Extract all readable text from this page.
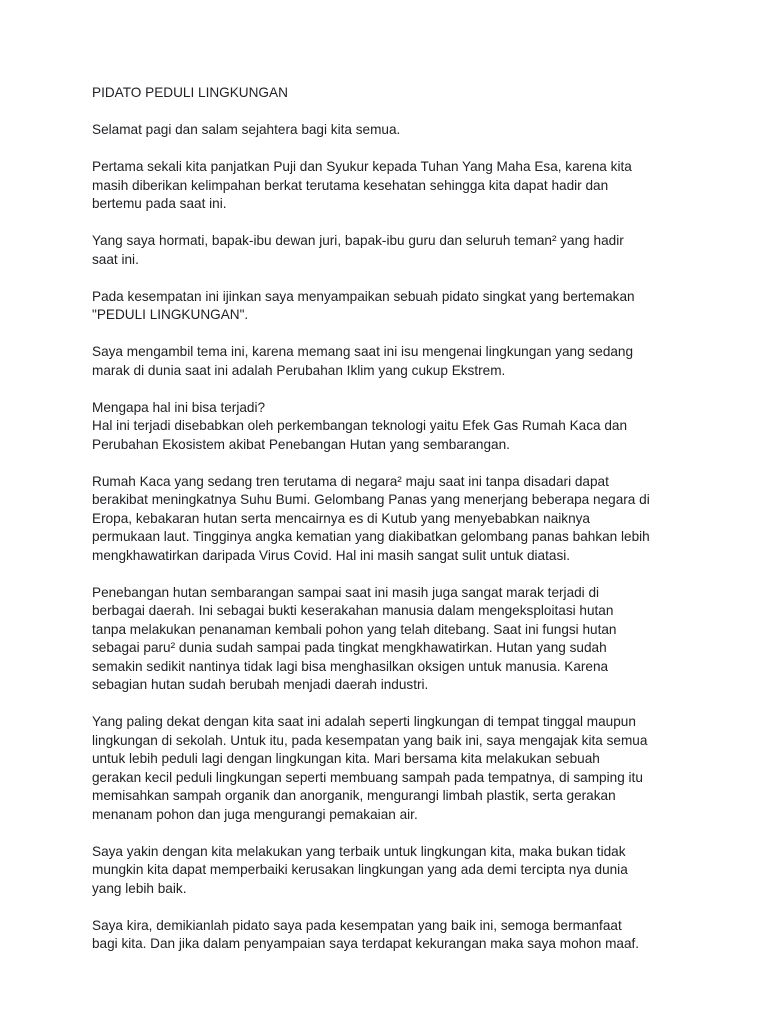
PIDATO PEDULI LINGKUNGAN
Selamat pagi dan salam sejahtera bagi kita semua.
Pertama sekali kita panjatkan Puji dan Syukur kepada Tuhan Yang Maha Esa, karena kita
masih diberikan kelimpahan berkat terutama kesehatan sehingga kita dapat hadir dan
bertemu pada saat ini.
Yang saya hormati, bapak-ibu dewan juri, bapak-ibu guru dan seluruh teman² yang hadir
saat ini.
Pada kesempatan ini ijinkan saya menyampaikan sebuah pidato singkat yang bertemakan
"PEDULI LINGKUNGAN".
Saya mengambil tema ini, karena memang saat ini isu mengenai lingkungan yang sedang
marak di dunia saat ini adalah Perubahan Iklim yang cukup Ekstrem.
Mengapa hal ini bisa terjadi?
Hal ini terjadi disebabkan oleh perkembangan teknologi yaitu Efek Gas Rumah Kaca dan
Perubahan Ekosistem akibat Penebangan Hutan yang sembarangan.
Rumah Kaca yang sedang tren terutama di negara² maju saat ini tanpa disadari dapat
berakibat meningkatnya Suhu Bumi. Gelombang Panas yang menerjang beberapa negara di
Eropa, kebakaran hutan serta mencairnya es di Kutub yang menyebabkan naiknya
permukaan laut. Tingginya angka kematian yang diakibatkan gelombang panas bahkan lebih
mengkhawatirkan daripada Virus Covid. Hal ini masih sangat sulit untuk diatasi.
Penebangan hutan sembarangan sampai saat ini masih juga sangat marak terjadi di
berbagai daerah. Ini sebagai bukti keserakahan manusia dalam mengeksploitasi hutan
tanpa melakukan penanaman kembali pohon yang telah ditebang. Saat ini fungsi hutan
sebagai paru² dunia sudah sampai pada tingkat mengkhawatirkan. Hutan yang sudah
semakin sedikit nantinya tidak lagi bisa menghasilkan oksigen untuk manusia. Karena
sebagian hutan sudah berubah menjadi daerah industri.
Yang paling dekat dengan kita saat ini adalah seperti lingkungan di tempat tinggal maupun
lingkungan di sekolah. Untuk itu, pada kesempatan yang baik ini, saya mengajak kita semua
untuk lebih peduli lagi dengan lingkungan kita. Mari bersama kita melakukan sebuah
gerakan kecil peduli lingkungan seperti membuang sampah pada tempatnya, di samping itu
memisahkan sampah organik dan anorganik, mengurangi limbah plastik, serta gerakan
menanam pohon dan juga mengurangi pemakaian air.
Saya yakin dengan kita melakukan yang terbaik untuk lingkungan kita, maka bukan tidak
mungkin kita dapat memperbaiki kerusakan lingkungan yang ada demi tercipta nya dunia
yang lebih baik.
Saya kira, demikianlah pidato saya pada kesempatan yang baik ini, semoga bermanfaat
bagi kita. Dan jika dalam penyampaian saya terdapat kekurangan maka saya mohon maaf.
